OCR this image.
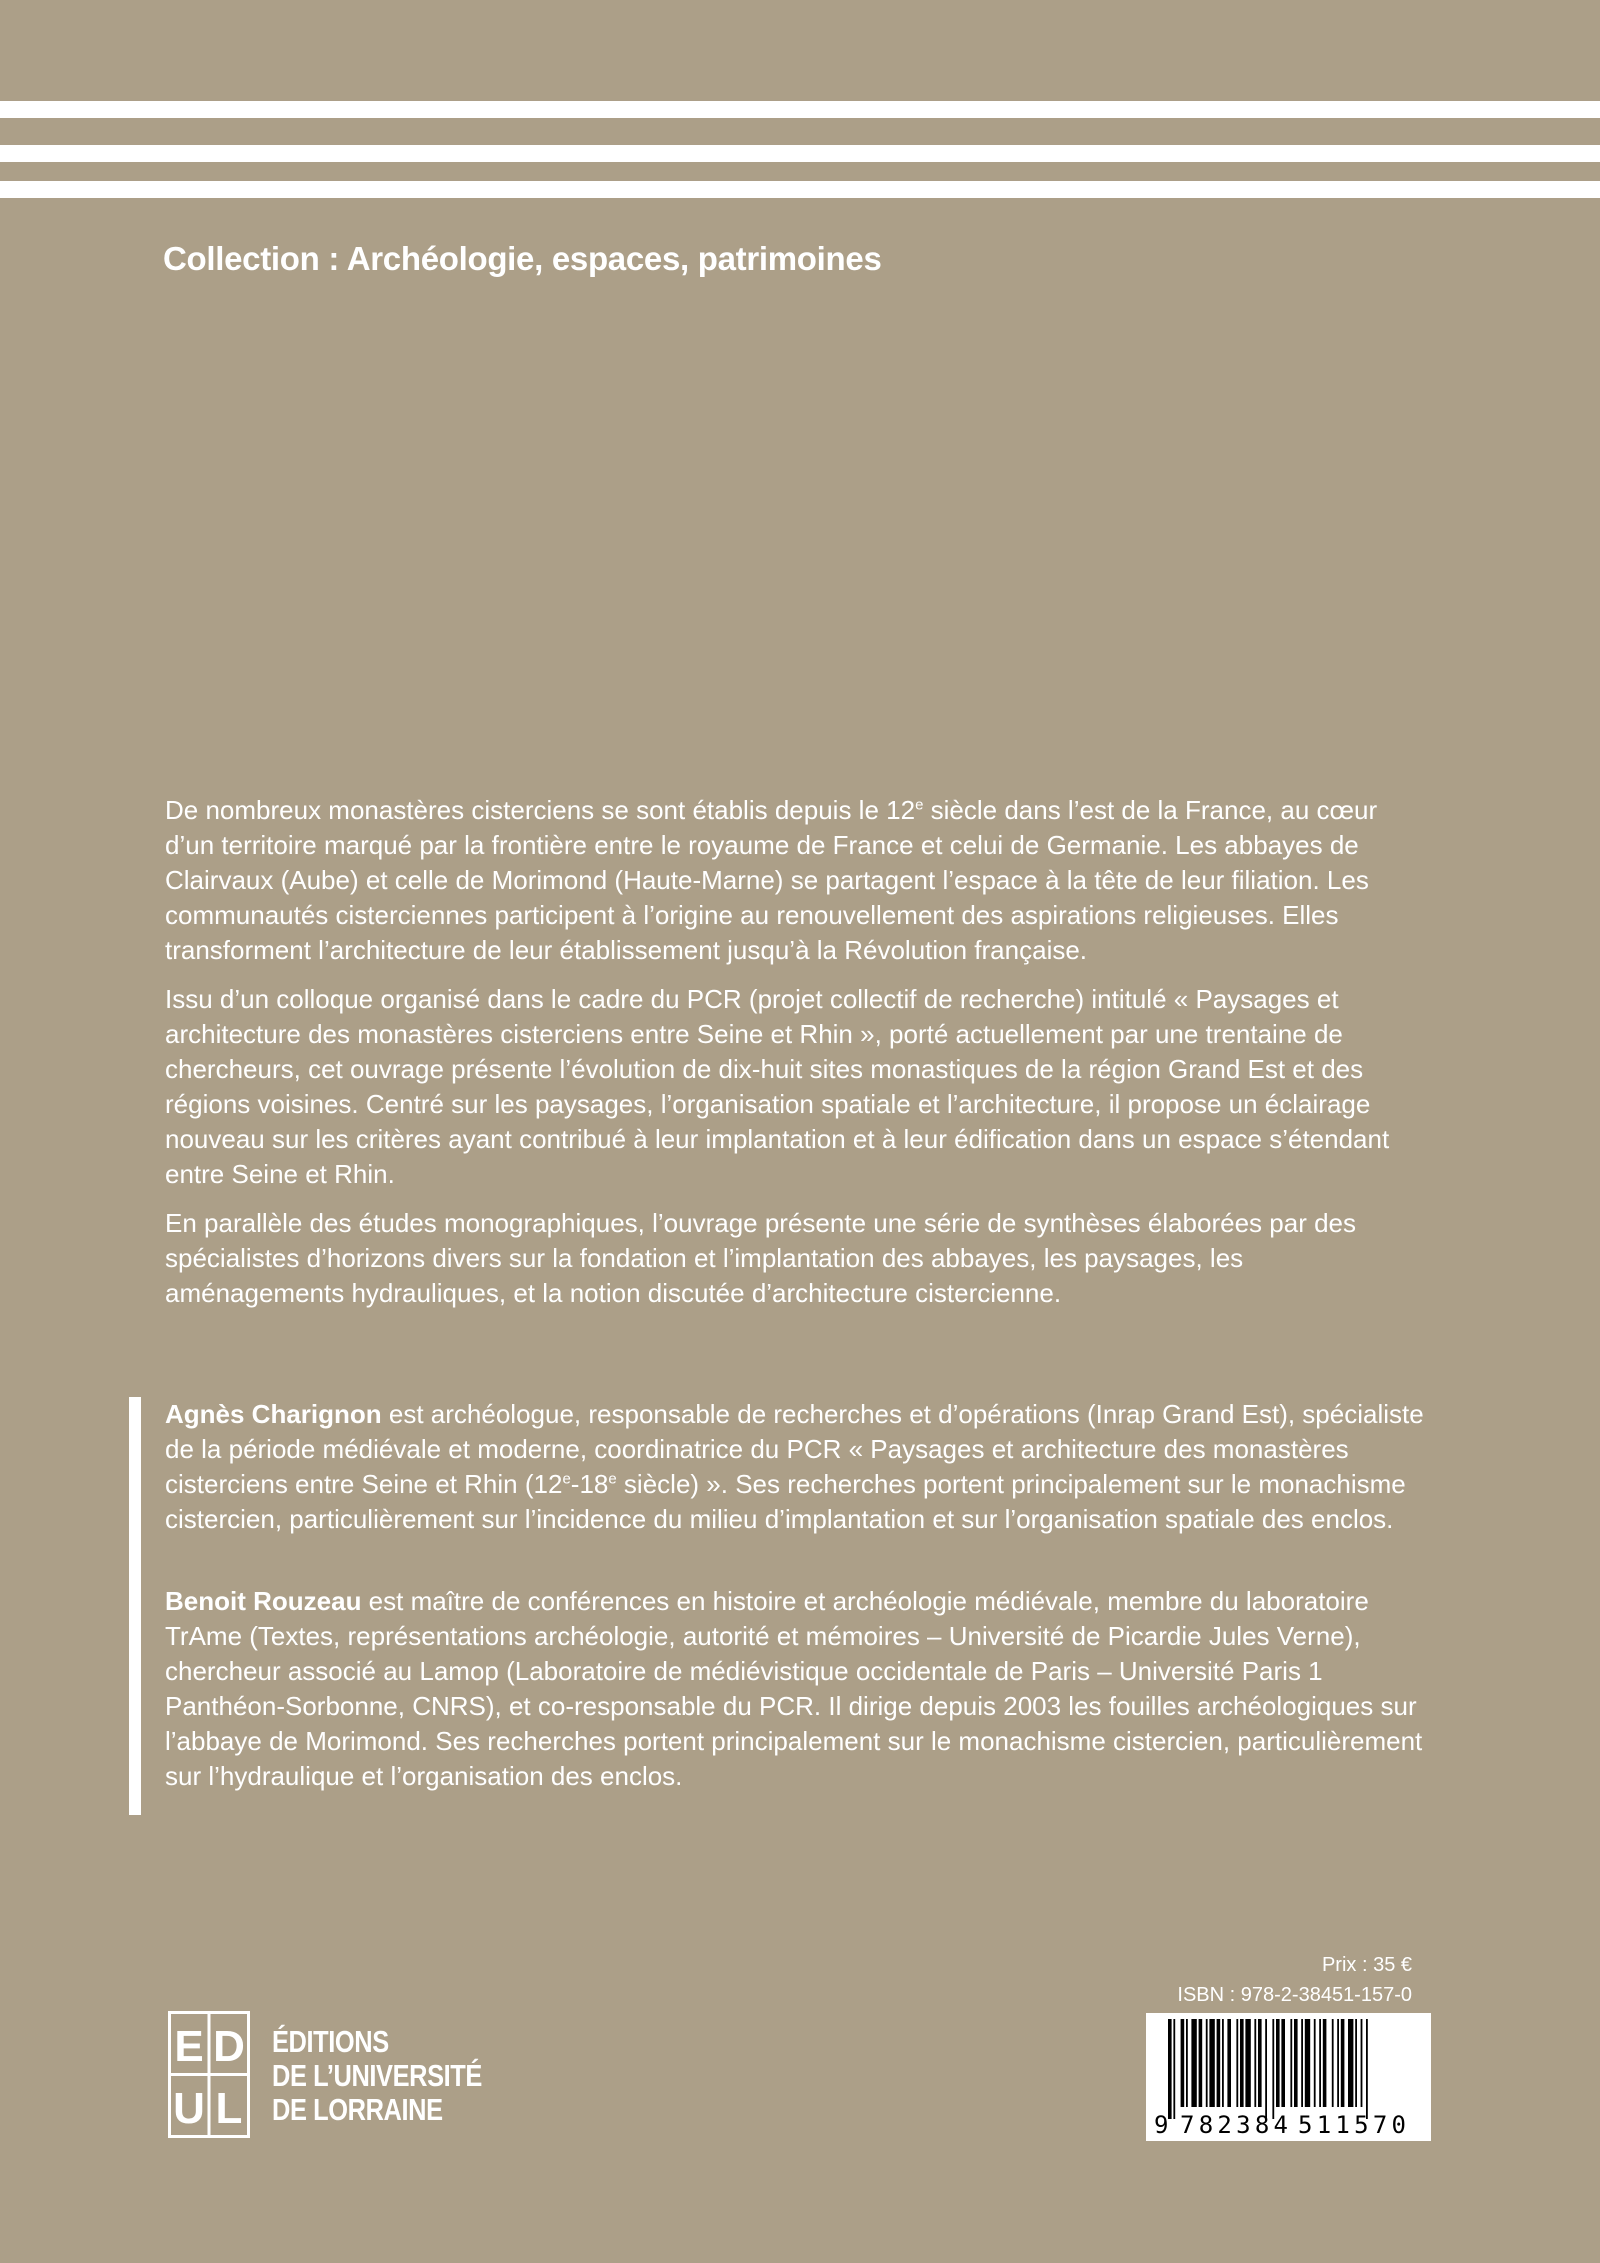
Collection : Archéologie, espaces, patrimoines

De nombreux monastères cisterciens se sont établis depuis le 12e siècle dans l’est de la France, au cœur d’un territoire marqué par la frontière entre le royaume de France et celui de Germanie. Les abbayes de Clairvaux (Aube) et celle de Morimond (Haute-Marne) se partagent l’espace à la tête de leur filiation. Les communautés cisterciennes participent à l’origine au renouvellement des aspirations religieuses. Elles transforment l’architecture de leur établissement jusqu’à la Révolution française.

Issu d’un colloque organisé dans le cadre du PCR (projet collectif de recherche) intitulé « Paysages et architecture des monastères cisterciens entre Seine et Rhin », porté actuellement par une trentaine de chercheurs, cet ouvrage présente l’évolution de dix-huit sites monastiques de la région Grand Est et des régions voisines. Centré sur les paysages, l’organisation spatiale et l’architecture, il propose un éclairage nouveau sur les critères ayant contribué à leur implantation et à leur édification dans un espace s’étendant entre Seine et Rhin.

En parallèle des études monographiques, l’ouvrage présente une série de synthèses élaborées par des spécialistes d’horizons divers sur la fondation et l’implantation des abbayes, les paysages, les aménagements hydrauliques, et la notion discutée d’architecture cistercienne.

Agnès Charignon est archéologue, responsable de recherches et d’opérations (Inrap Grand Est), spécialiste de la période médiévale et moderne, coordinatrice du PCR « Paysages et architecture des monastères cisterciens entre Seine et Rhin (12e-18e siècle) ». Ses recherches portent principalement sur le monachisme cistercien, particulièrement sur l’incidence du milieu d’implantation et sur l’organisation spatiale des enclos.

Benoit Rouzeau est maître de conférences en histoire et archéologie médiévale, membre du laboratoire TrAme (Textes, représentations archéologie, autorité et mémoires – Université de Picardie Jules Verne), chercheur associé au Lamop (Laboratoire de médiévistique occidentale de Paris – Université Paris 1 Panthéon-Sorbonne, CNRS), et co-responsable du PCR. Il dirige depuis 2003 les fouilles archéologiques sur l’abbaye de Morimond. Ses recherches portent principalement sur le monachisme cistercien, particulièrement sur l’hydraulique et l’organisation des enclos.

E D
U L
ÉDITIONS
DE L’UNIVERSITÉ
DE LORRAINE
Prix : 35 €
ISBN : 978-2-38451-157-0
9 782384 511570
